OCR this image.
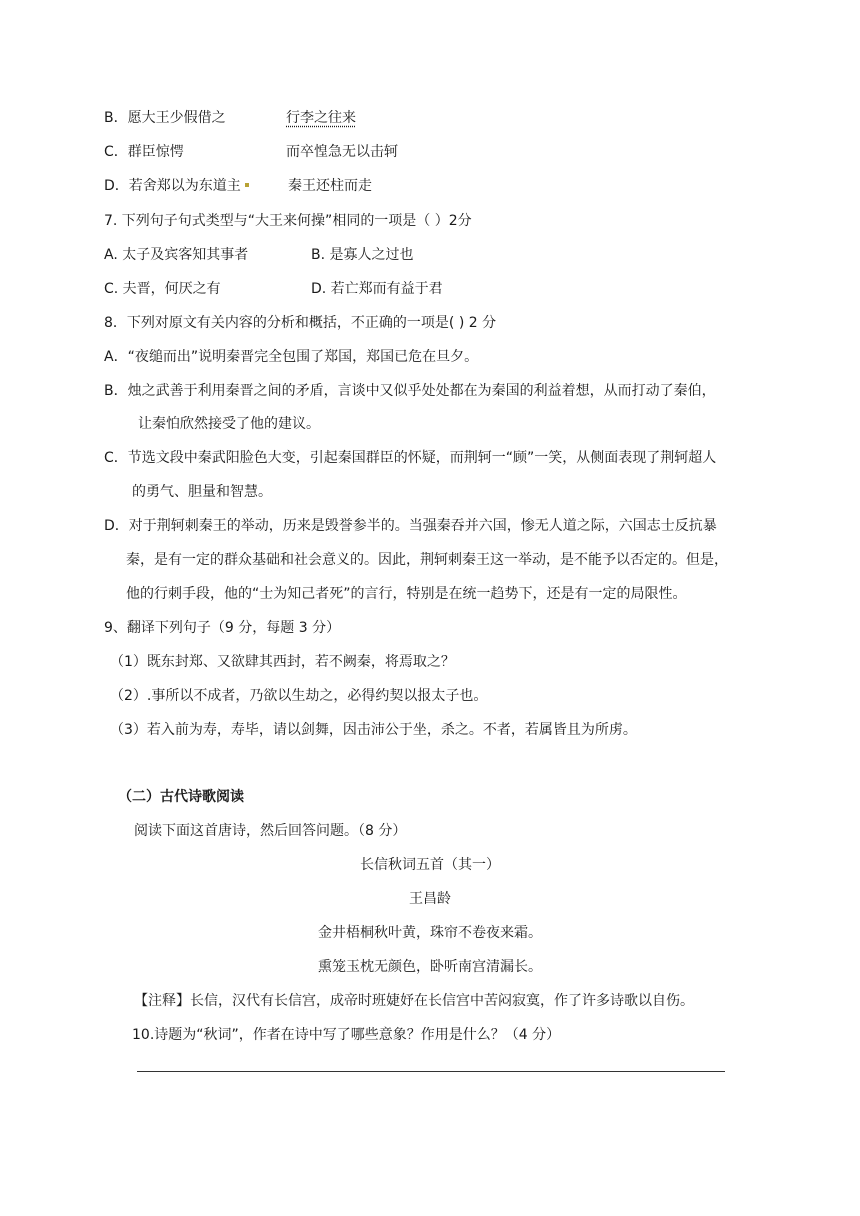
B．愿大王少假借之	行李之往来
C．群臣惊愕	而卒惶急无以击轲
D．若舍郑以为东道主	秦王还柱而走
7. 下列句子句式类型与“大王来何操”相同的一项是（ ）2分
A. 太子及宾客知其事者	B. 是寡人之过也
C. 夫晋，何厌之有	D. 若亡郑而有益于君
8．下列对原文有关内容的分析和概括，不正确的一项是( ) 2 分
A．“夜缒而出”说明秦晋完全包围了郑国，郑国已危在旦夕。
B．烛之武善于利用秦晋之间的矛盾，言谈中又似乎处处都在为秦国的利益着想，从而打动了秦伯，
让秦怕欣然接受了他的建议。
C．节选文段中秦武阳脸色大变，引起秦国群臣的怀疑，而荆轲一“顾”一笑，从侧面表现了荆轲超人
的勇气、胆量和智慧。
D．对于荆轲刺秦王的举动，历来是毁誉参半的。当强秦吞并六国，惨无人道之际，六国志士反抗暴
秦，是有一定的群众基础和社会意义的。因此，荆轲刺秦王这一举动，是不能予以否定的。但是，
他的行刺手段，他的“士为知己者死”的言行，特别是在统一趋势下，还是有一定的局限性。
9、翻译下列句子（9 分，每题 3 分）
（1）既东封郑、又欲肆其西封，若不阙秦，将焉取之？
（2）.事所以不成者，乃欲以生劫之，必得约契以报太子也。
（3）若入前为寿，寿毕，请以剑舞，因击沛公于坐，杀之。不者，若属皆且为所虏。
（二）古代诗歌阅读
阅读下面这首唐诗，然后回答问题。（8 分）
长信秋词五首（其一）
王昌龄
金井梧桐秋叶黄，珠帘不卷夜来霜。
熏笼玉枕无颜色，卧听南宫清漏长。
【注释】长信，汉代有长信宫，成帝时班婕妤在长信宫中苦闷寂寞，作了许多诗歌以自伤。
10.诗题为“秋词”，作者在诗中写了哪些意象？作用是什么？（4 分）
